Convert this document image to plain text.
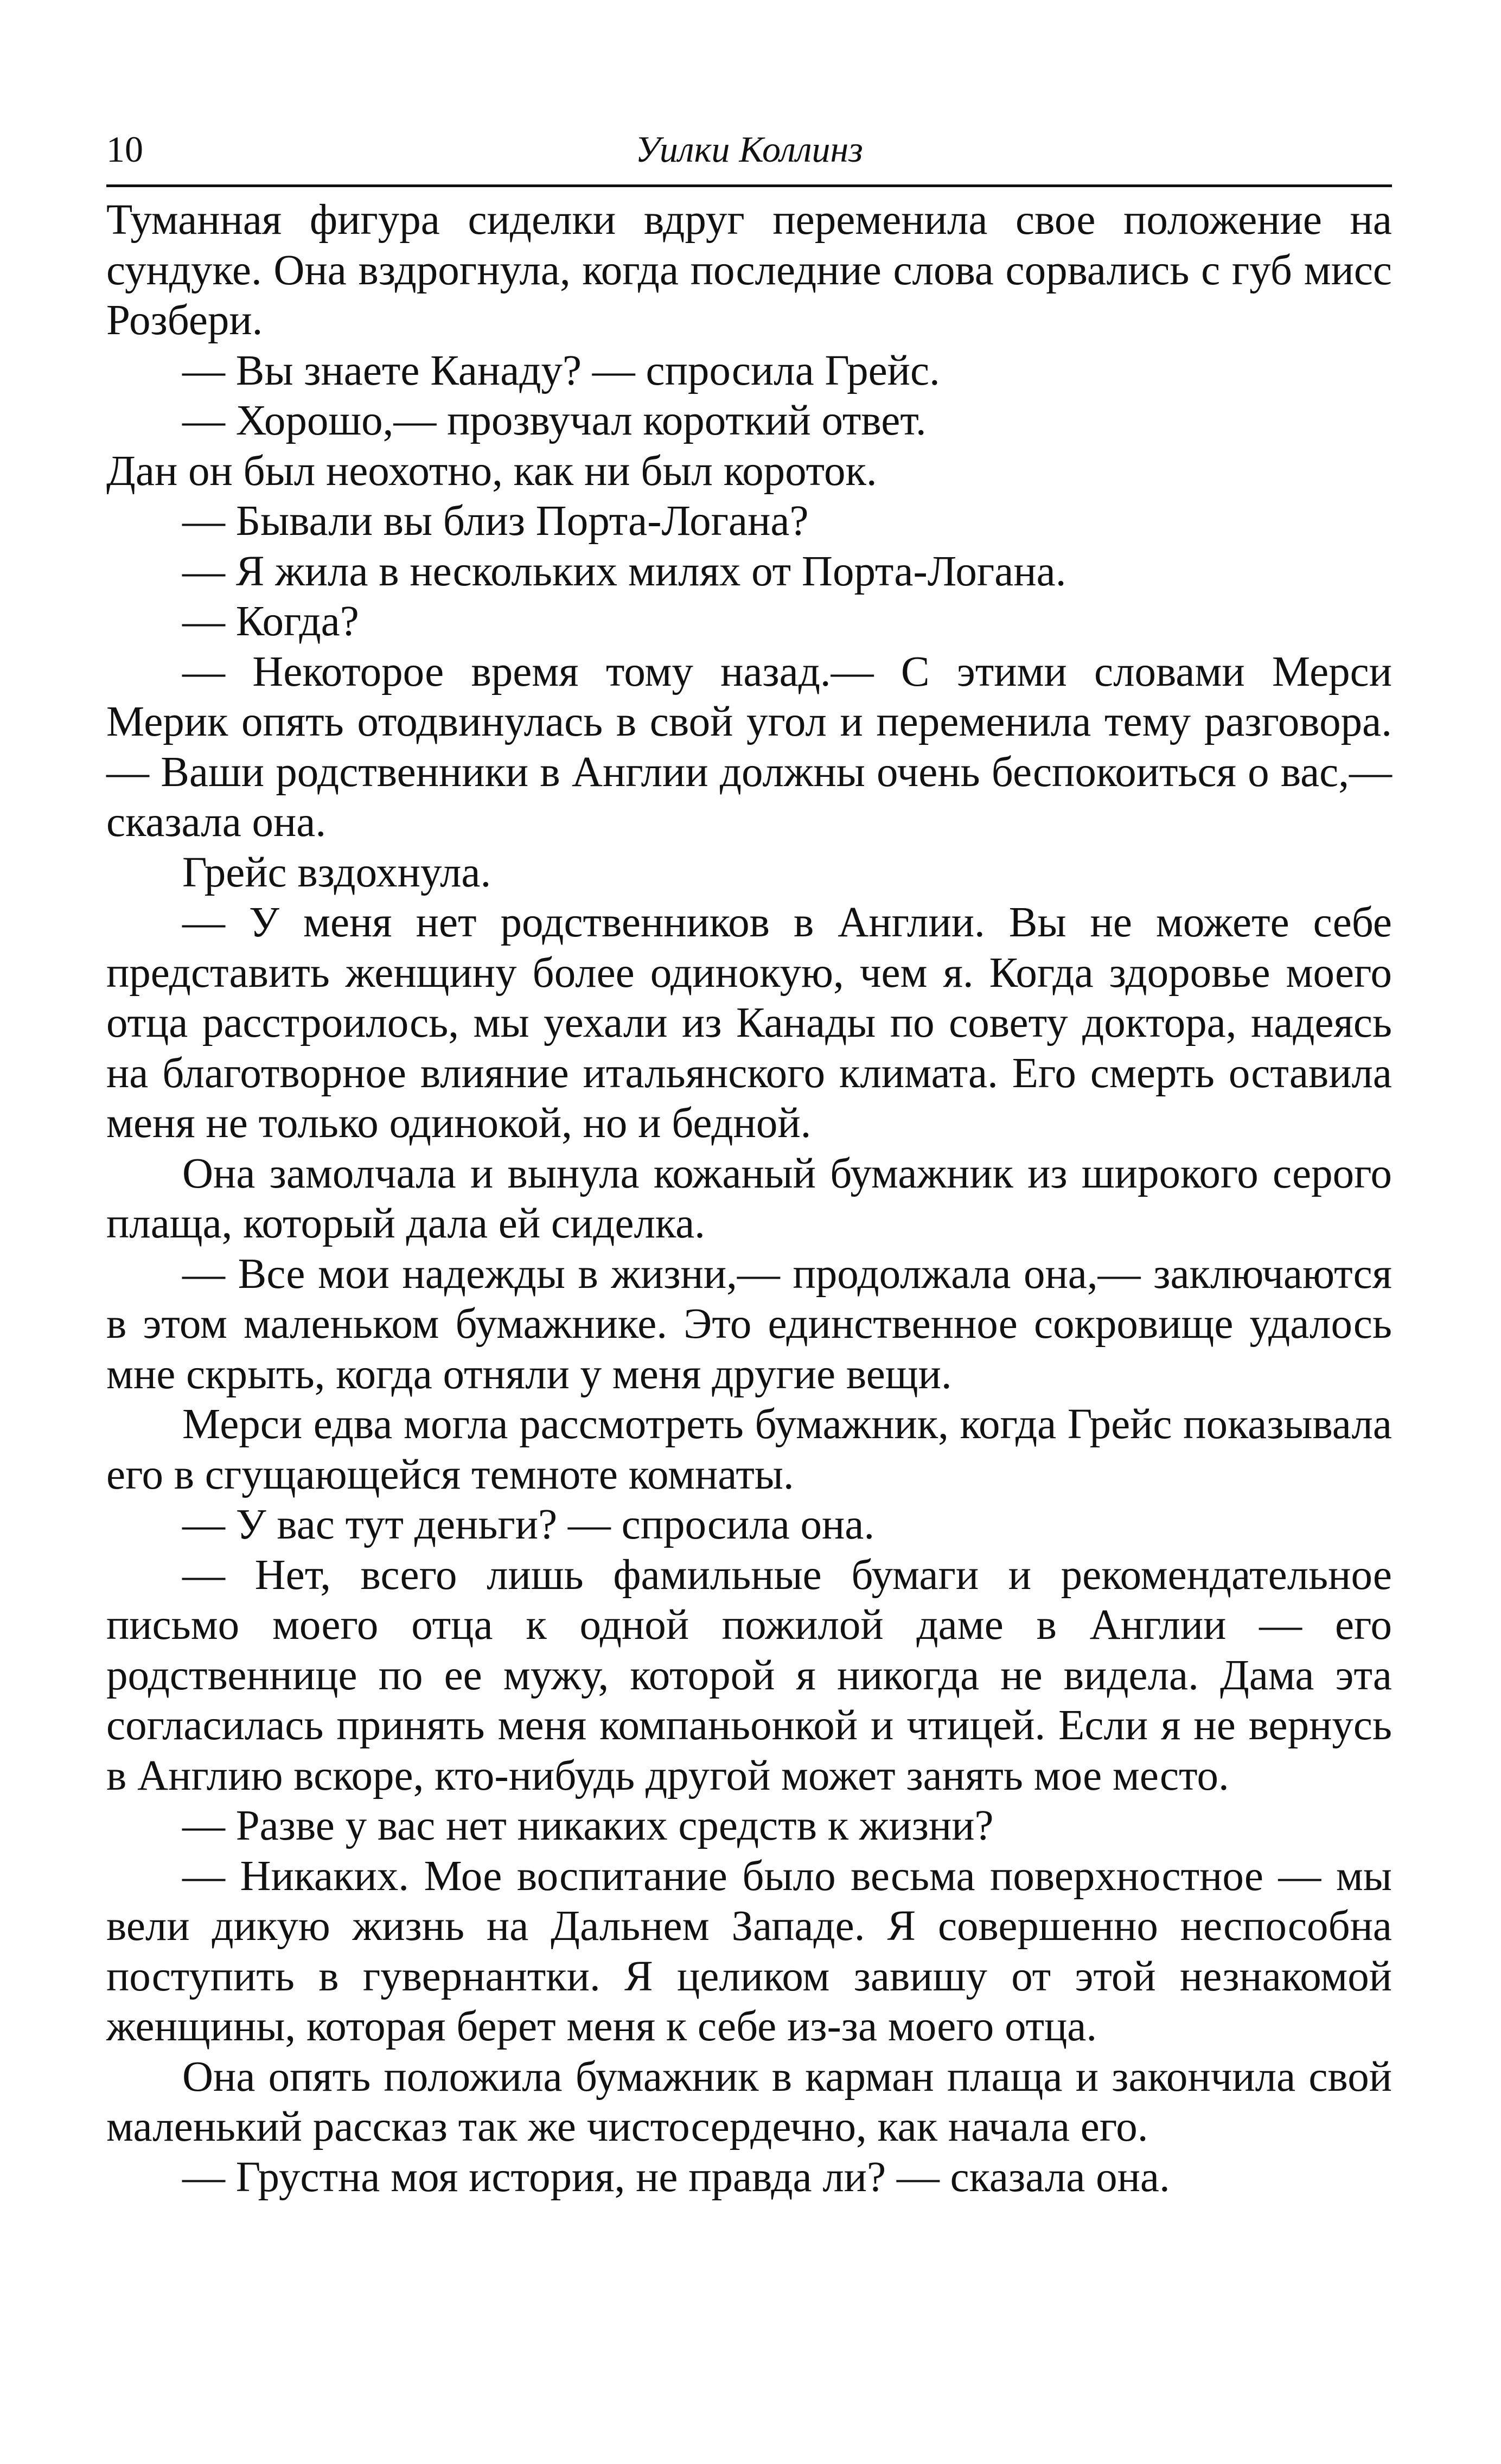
10	Уилки Коллинз

Туманная фигура сиделки вдруг переменила свое положение на сундуке. Она вздрогнула, когда последние слова сорвались с губ мисс Розбери.

— Вы знаете Канаду? — спросила Грейс.

— Хорошо,— прозвучал короткий ответ.

Дан он был неохотно, как ни был короток.

— Бывали вы близ Порта-Логана?

— Я жила в нескольких милях от Порта-Логана.

— Когда?

— Некоторое время тому назад.— С этими словами Мерси Мерик опять отодвинулась в свой угол и переменила тему разговора.— Ваши родственники в Англии должны очень беспокоиться о вас,— сказала она.

Грейс вздохнула.

— У меня нет родственников в Англии. Вы не можете себе представить женщину более одинокую, чем я. Когда здоровье моего отца расстроилось, мы уехали из Канады по совету доктора, надеясь на благотворное влияние итальянского климата. Его смерть оставила меня не только одинокой, но и бедной.

Она замолчала и вынула кожаный бумажник из широкого серого плаща, который дала ей сиделка.

— Все мои надежды в жизни,— продолжала она,— заключаются в этом маленьком бумажнике. Это единственное сокровище удалось мне скрыть, когда отняли у меня другие вещи.

Мерси едва могла рассмотреть бумажник, когда Грейс показывала его в сгущающейся темноте комнаты.

— У вас тут деньги? — спросила она.

— Нет, всего лишь фамильные бумаги и рекомендательное письмо моего отца к одной пожилой даме в Англии — его родственнице по ее мужу, которой я никогда не видела. Дама эта согласилась принять меня компаньонкой и чтицей. Если я не вернусь в Англию вскоре, кто-нибудь другой может занять мое место.

— Разве у вас нет никаких средств к жизни?

— Никаких. Мое воспитание было весьма поверхностное — мы вели дикую жизнь на Дальнем Западе. Я совершенно неспособна поступить в гувернантки. Я целиком завишу от этой незнакомой женщины, которая берет меня к себе из-за моего отца.

Она опять положила бумажник в карман плаща и закончила свой маленький рассказ так же чистосердечно, как начала его.

— Грустна моя история, не правда ли? — сказала она.
